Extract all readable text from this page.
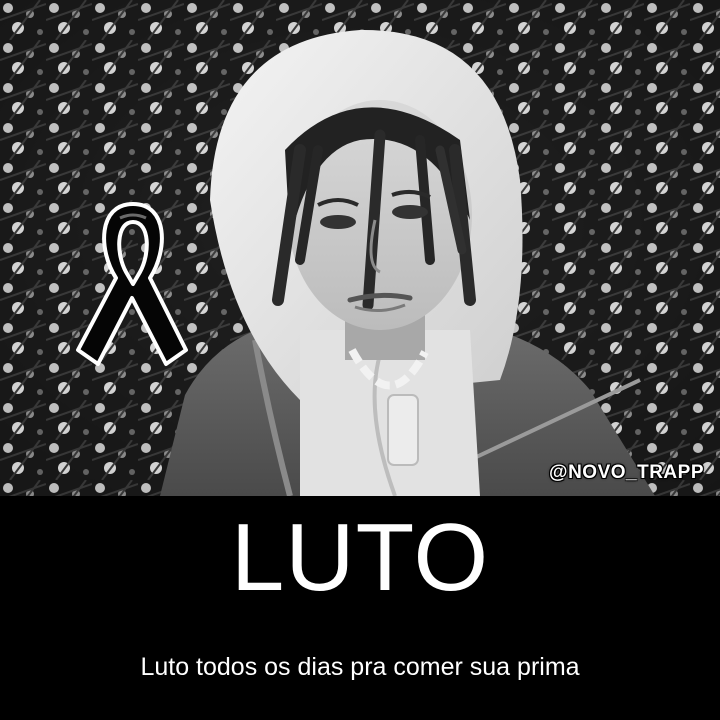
@NOVO_TRAPP
LUTO
Luto todos os dias pra comer sua prima
